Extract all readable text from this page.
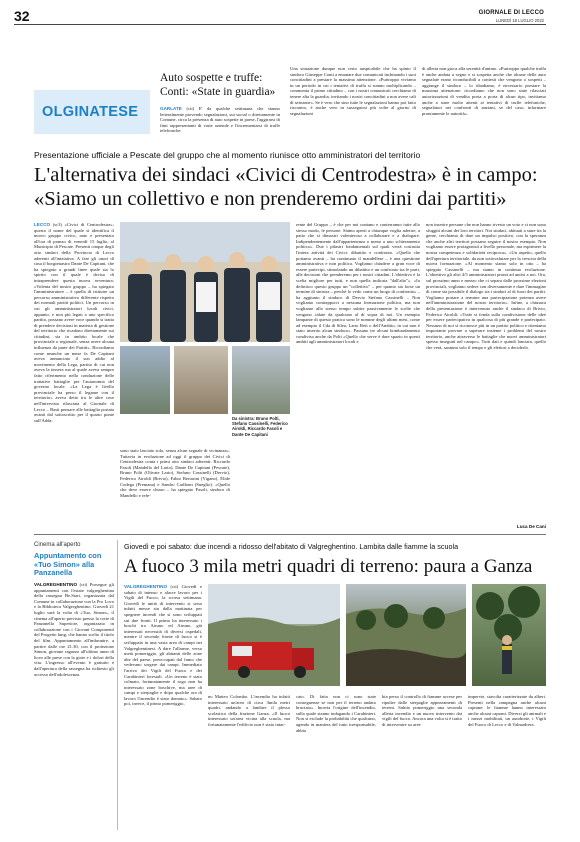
32	GIORNALE DI LECCO
LUNEDÌ 18 LUGLIO 2022
OLGINATESE
Auto sospette e truffe:
Conti: «State in guardia»
GARLATE (cti) E' da qualche settimana che stanno letteralmente piovendo segnalazioni, sui social o direttamente in Comune, circa la presenza di auto sospette in paese, l'aggirarsi di finti rappresentanti di varie aziende e l'incrementarsi di truffe telefoniche.
Una situazione dunque non certo auspicabile che ha spinto il sindaco Giuseppe Conti a emanare due comunicati inchinando i suoi concittadini a prestare la massima attenzione. «Purtroppo viviamo in un periodo in cui i tentativi di truffa si stanno moltiplicando – commenta il primo cittadino – con i nostri comunicati cerchiamo di tenere alta la guardia, invitando i nostri concittadini a non avere cali di sensione». Se è vero che sino tutte le segnalazioni hanno poi fatto riscontro, è anche vero in susseguirsi più volte al giorno di segnalazioni
di allerta non gioca alla serenità d'animo. «Purtroppo qualche truffa è anche andata a segno e si sospetta anche che alcune delle auto segnalate erano riconducibili a contesti che vengono o sospetti – aggiunge il sindaco – lo ribadiamo, è necessario prestare la massima attenzione: ricordiamo che non sono state rilasciati autorizzazioni di vendita porta a porta di alcun tipo, invitiamo anche a stare molto attenti ai tentativi di truffe telefoniche, segnalatori nei confronti di anziani, se del caso, informare prontamente le autorità».
Presentazione ufficiale a Pescate del gruppo che al momento riunisce otto amministratori del territorio
L'alternativa dei sindaci «Civici di Centrodestra» è in campo:
«Siamo un collettivo e non prenderemo ordini dai partiti»
LECCO (sc3) «Civici di Centrodestra»: questo il nome del quale si identifica il nuovo gruppo civico, nato e presentato all'ora di pranzo di venerdì 15 luglio, al Municipio di Pescate. Presenti cinque degli otto sindaci della Provincia di Lecco aderenti all'iniziativa. A fare gli onori di casa il borgomastro Dante De Capitani, che ha spiegato a grandi linee quale sia lo spirito con il quale è deciso di intraprendere questa nuova avventura: «Volenta del nostro gruppo – ha spiegato l'amministratore – è quella di istituire un percorso amministrativo differente rispetto dei normali partiti politici. Un percorso in cui gli amministratori locali civici, appunto, e non più legati a uno specifico partito, possano avere voce quando si tratta di prendere decisioni in materia di gestione del territorio che ricadono direttamente sui cittadini, sia in ambito locale che provinciale o regionale, senza avere alcuna influenza da parte dei Partiti». Ricordiamo come neanche un mese fa De Capitani aveva annunciato il suo addio al movimento della Lega, partito di cui non aveva la tessera ma al quale aveva sempre fatto riferimento nella conduzione delle trattative battaglie per l'autonomia del governo locale. «La Lega è livello provinciale ha perso il legame con il territorio» aveva detto tra le altre cose nell'intervista rilasciata al Giornale di Lecco – Basti pensare alle battaglia portata avanti dal sottoscritto per il quarto ponte sull'Adda:	Da sinistra: Bruno Polti, Stefano Cassinelli, Federico Airoldi, Riccardo Fasoli e Dante De Capitani
sono stato lasciato solo, senza alcun segnale di vicinanza». Tuttavia in evoluzione ad oggi il gruppo dei Civici di Centrodestra conta i primi otto sindaci aderenti: Riccardo Fasoli (Mandello del Lario), Dante De Capitani (Pescate), Bruno Polti (Olivate Lario), Stefano Cassinelli (Dervio), Federico Airoldi (Brivio), Fabio Bertarini (Vigano), Elide Codega (Premana) e Sandro Carlboni (Sueglio). «Quello che deve essere chiaro – ha spiegato Fasoli, sindaco di Mandello e refe-
rente del Gruppo – è che per noi contano e conterranno tutte allo stesso modo, le persone. Siamo aperti a chiunque voglia aderire, a patto che si dimostri volenteroso a collaborare e a dialogare. Indipendentemente dall'appartenenza o meno a uno schieramento politico». Due i pilastri fondamentali sul quali verrà costruita l'intera attività dei Civici: dibattito e confronto. «Quella che potiamo avanti – ha continuato il mandellese – è una questione amministrativa e non politica. Vogliamo chiudere a gran voce di essere partecipi, stimolando un dibattito e un confronto tra le parti, alle decisioni che prenderemo per i nostri cittadini. L'obiettivo è la scelta migliore per tutti, e non quella indicata "dall'alto"». «Io definisco questo gruppo un "collettivo" – per quanto sia forse un termine di sinistra – perché lo vedo come un luogo di confronto» – ha aggiunto il sindaco di Dervio Stefano Cassinelli – Non vogliamo contrapporci a nessuna formazione politica, ma non vogliamo allo stesso tempo subire passivamente le scelte che vengono calate da qualcuno al di sopra di noi. Un esempio lampante di questo pratica sono le nomine degli ultimi mesi, come ad esempio il Cda di Silea, Lario Reti o dell'Ambito, in cui non è stato inserito alcun sindaco». Passano tre alcuni bombardamento condiviso anche da Polti «Quello che serve è dare spazio in questi ambiti agli amministratori locali e
non inserire persone che non hanno rivesto un voto e ci non sono sfuggiti alcuni dei loro territori. Noi sindaci, abituati a stare tra la gente, cerchiamo di dare un impulso positivo, con la speranza che anche altri territori possano seguire il nostro esempio. Non vogliamo essere protagonisti a livello personale, ma esprimere la nostra competenza e solidarietà reciproca». «Un aspetto, quello dell'apertura territoriale, da non sottovalutare per la crescita della nuova formazione. «Al momento siamo solo in otto – ha spiegato Cassinelli – ma siamo in continua evoluzione. L'obiettivo gli altri 4/5 amministratori pronti ad unirsi a noi. Ora, sul prossimo anno e mezzo che ci separa dalle prossime elezioni provinciali, vogliamo sedere con diversamente e dare l'immagine di come sia possibile il dialogo tra i sindaci al di fuori dei partiti. Vogliamo portare a termine una partecipazione potenza avere nell'amministrazione del nostro territorio». Infine, a chiusura della presentazione è intervenuto anche il sindaco di Brivio, Federico Airoldi: «Tutte si fonda sulla condivisione delle idee per essere partecipativa in qualcosa di più grande e partecipato. Nessuno di noi si riconosce più in un partito politico e riteniamo importante provare a superare insieme i problemi del nostro territorio, anche attraverso le battaglie che nuovi amministratori spesso inseguiti nel campo». Tutti dati e quindi lanciata, quello che verà, saranno solo il tempo e gli elettori a deciderlo.
Luca De Cani
Cinema all'aperto
Appuntamento con «Tuo Simon» alla Panzanella
VALGREGHENTINO (cti) Prosegue gli appuntamenti con l'estate valgreghentina della rassegna Be.Start, organizzata dal Comune in collaborazione con la Pro Loco e la Biblioteca Valgreghentino. Giovedì 21 luglio sarà la volta di «Tuo, Simon», il cinema all'aperto previsto presso la corte di Panzanella Superiore, organizzato in collaborazione con i Giovani Componenti del Progetto lung, che hanno scelto il titolo del film. Appuntamento all'imbrunire, a partire dalle ore 21.30, con il proiezione Simon, giovane ragazzo all'ultimo anno di liceo alle prese con la gioie e i dolori della vita. L'ingresso all'evento è gratuito e dall'apertura della rassegna ha richiesto gli accesso dell'adolescenza.
Giovedì e poi sabato: due incendi a ridosso dell'abitato di Valgreghentino. Lambita dalle fiamme la scuola
A fuoco 3 mila metri quadri di terreno: paura a Ganza
VALGREGHENTINO (cti) Giovedì e sabato di intenso e alacre lavoro per i Vigili del Fuoco, la scorsa settimana. Giovedì le unità di intervento si sono infatti messe sin dalla mattinata per spegnere incendi che si sono sviluppati sui due fronti. Il primo ha interessato i boschi tra Airuno ed Airuno, già interessati necessità di diversi ospedali, mentre il secondo fronte di fuoco si è sviluppato in una vasta area di campi nei Valgreghentinesi. A dare l'allarme, verso metà pomeriggio, gli abitanti delle zone alte del paese, preoccupati dal fumo che vedevano sorgere dai campi. Immediato l'arrivo dei Vigili del Fuoco e dei Carabinieri forestali. «Un terreno è stato colmato, fortunatamente il rogo non ha interessato zone boschive, ma aree di campi e sterpaglie e dopo qualche ora di lavoro l'incendio è stato domato». Sabato poi, invece, il primo pomeriggio,
no Matteo Colombo. L'incendio ha infatti interessato un'area di circa 3mila metri quadri, andando a lambire il plesso scolastico della frazione Ganza. «Il fuoco interessato un'area vicina alla scuola, ma fortunatamente l'edificio non è stato intac-
cato. Di fatto non ci sono state conseguenze se non per il terreno andato bruciato». Incerta l'origine dell'incendio, sulla quale stanno indagando i Carabinieri. Non si esclude la probabilità che qualcuno, agendo in maniera del tutto irresponsabile, abbia
bia perso il controllo di fiamme accese per ripulire dalle sterpaglie appezzamenti di terreni. Subito pomeriggio una seconda allerta incendio e un nuovo intervento dai vigili del fuoco. Ancora una volta si è tratto di intervenire su aree
impervie, stavolta caratterizzate da alberi. Presenti nella campagna anche alcuni caprane: le fiamme hanno interessato anche alcuni caprani. Diversi gli animali e i mezzi mobilitati, un autobotte, i Vigili del Fuoco di Lecco e di Valmadrera.
